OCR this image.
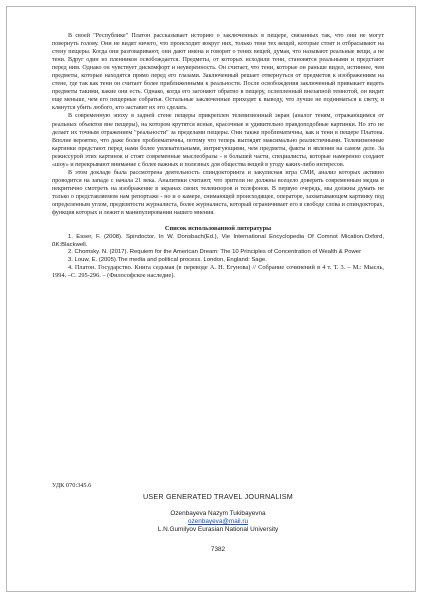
В своей "Республике" Платон рассказывает историю о заключенных в пещере, связанных так, что они не могут повернуть голову. Они не видят ничего, что происходит вокруг них, только тени тех вещей, которые стоят и отбрасывают на стену пещеры. Когда они разговаривают, они дают имена и говорят о тенях вещей, думая, что называют реальные вещи, а не тени. Вдруг один из пленников освобождается. Предметы, от которых исходили тени, становятся реальными и предстают перед ним. Однако он чувствует дискомфорт и неуверенность. Он считает, что тени, которые он раньше видел, истиннее, чем предметы, которые находятся прямо перед его глазами. Заключенный решает отвернуться от предметов к изображениям на стене, где так как тени он считает более приближенными к реальности. После освобождения заключенный привыкает видеть предметы такими, какие они есть. Однако, когда его загоняют обратно в пещеру, ослепленный внезапной темнотой, он видит еще меньше, чем его пещерные собратья. Остальные заключенные приходят к выводу, что лучше не подниматься к свету, и клянутся убить любого, кто заставит их это сделать.

В современную эпоху в задней стене пещеры прикреплен телевизионный экран (аналог теням, отражающимся от реальных объектов вне пещеры), на котором крутятся ясные, красочные и удивительно правдоподобные картинки. Но это не делает их точным отражением "реальности" за пределами пещеры. Они также проблематичны, как и тени в пещере Платона. Вполне вероятно, что даже более проблематичны, потому что теперь выглядят максимально реалистичными. Телевизионные картинки предстают перед нами более увлекательными, интригующими, чем предметы, факты и явления на самом деле. За режиссурой этих картинок и стоят современные мыслеобразы - в большей части, специалисты, которые намеренно создают «шоу» и перекрывают внимание с более важных и полезных для общества вещей в угоду каких-либо интересов.

В этом докладе была рассмотрена деятельность спиндокторинга и закулисная игра СМИ, анализ которых активно проводится на западе с начала 21 века. Аналитики считают, что зрители не должны всецело доверять современным медиа и некритично смотреть на изображение в экранах своих телевизоров и телефонов. В первую очередь, мы должны думать не только о представляемом нам репортаже - но и о камере, снимающей происходящее, операторе, захватывающем картинку под определенным углом, предвзятости журналиста, более журналиста, который ограничивает его в свободе слова и спиндокторах, функция которых и лежит в манипулировании нашего мнения.

Список использованной литературы

1. Esser, F. (2008). Spindoctor. In W. Donsbach(Ed.), Vie International Encyclopedia Of Comnot Mication.Oxford, ßK:Blackwell.

2. Chomsky. N. (2017). Requiem for the American Dream: The 10 Principles of Concentration of Wealth & Power

3. Louw, E. (2005).The media and political process. London, England: Sage.

4. Платон. Государство. Книга седьмая (в переводе А. Н. Егунова) // Собрание сочинений в 4 т. Т. 3. – М.: Мысль, 1994. –С. 295-296. – (Философское наследие).

УДК 070:345.6
USER GENERATED TRAVEL JOURNALISM
Ozenbayeva Nazym Tukibayevna
ozenbayeva@mail.ru
L.N.Gumilyov Eurasian National University
7382
